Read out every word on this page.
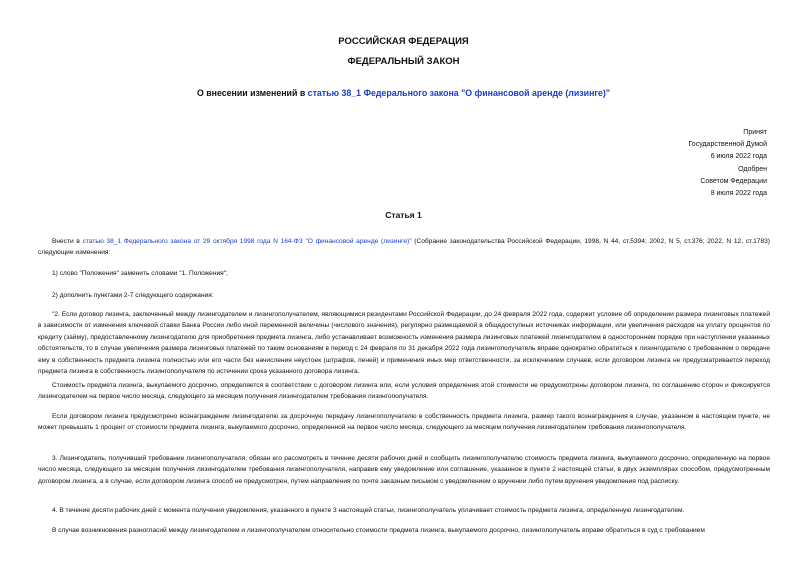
РОССИЙСКАЯ ФЕДЕРАЦИЯ
ФЕДЕРАЛЬНЫЙ ЗАКОН
О внесении изменений в статью 38_1 Федерального закона "О финансовой аренде (лизинге)"
Принят
Государственной Думой
6 июля 2022 года
Одобрен
Советом Федерации
8 июля 2022 года
Статья 1
Внести в статью 38_1 Федерального закона от 29 октября 1998 года N 164-ФЗ "О финансовой аренде (лизинге)" (Собрание законодательства Российской Федерации, 1998, N 44, ст.5394; 2002, N 5, ст.376; 2022, N 12, ст.1783) следующие изменения:
1) слово "Положения" заменить словами "1. Положения";
2) дополнить пунктами 2-7 следующего содержания:
"2. Если договор лизинга, заключенный между лизингодателем и лизингополучателем, являющимися резидентами Российской Федерации, до 24 февраля 2022 года, содержит условие об определении размера лизинговых платежей в зависимости от изменения ключевой ставки Банка России либо иной переменной величины (числового значения), регулярно размещаемой в общедоступных источниках информации, или увеличения расходов на уплату процентов по кредиту (займу), предоставленному лизингодателю для приобретения предмета лизинга, либо устанавливает возможность изменения размера лизинговых платежей лизингодателем в одностороннем порядке при наступлении указанных обстоятельств, то в случае увеличения размера лизинговых платежей по таким основаниям в период с 24 февраля по 31 декабря 2022 года лизингополучатель вправе однократно обратиться к лизингодателю с требованием о передаче ему в собственность предмета лизинга полностью или его части без начисления неустоек (штрафов, пеней) и применения иных мер ответственности, за исключением случаев, если договором лизинга не предусматривается переход предмета лизинга в собственность лизингополучателя по истечении срока указанного договора лизинга.
Стоимость предмета лизинга, выкупаемого досрочно, определяется в соответствии с договором лизинга или, если условия определения этой стоимости не предусмотрены договором лизинга, по соглашению сторон и фиксируется лизингодателем на первое число месяца, следующего за месяцем получения лизингодателем требования лизингополучателя.
Если договором лизинга предусмотрено вознаграждение лизингодателю за досрочную передачу лизингополучателю в собственность предмета лизинга, размер такого вознаграждения в случае, указанном в настоящем пункте, не может превышать 1 процент от стоимости предмета лизинга, выкупаемого досрочно, определенной на первое число месяца, следующего за месяцем получения лизингодателем требования лизингополучателя.
3. Лизингодатель, получивший требование лизингополучателя, обязан его рассмотреть в течение десяти рабочих дней и сообщить лизингополучателю стоимость предмета лизинга, выкупаемого досрочно, определенную на первое число месяца, следующего за месяцем получения лизингодателем требования лизингополучателя, направив ему уведомление или соглашение, указанное в пункте 2 настоящей статьи, в двух экземплярах способом, предусмотренным договором лизинга, а в случае, если договором лизинга способ не предусмотрен, путем направления по почте заказным письмом с уведомлением о вручении либо путем вручения уведомления под расписку.
4. В течение десяти рабочих дней с момента получения уведомления, указанного в пункте 3 настоящей статьи, лизингополучатель уплачивает стоимость предмета лизинга, определенную лизингодателем.
В случае возникновения разногласий между лизингодателем и лизингополучателем относительно стоимости предмета лизинга, выкупаемого досрочно, лизингополучатель вправе обратиться в суд с требованием
